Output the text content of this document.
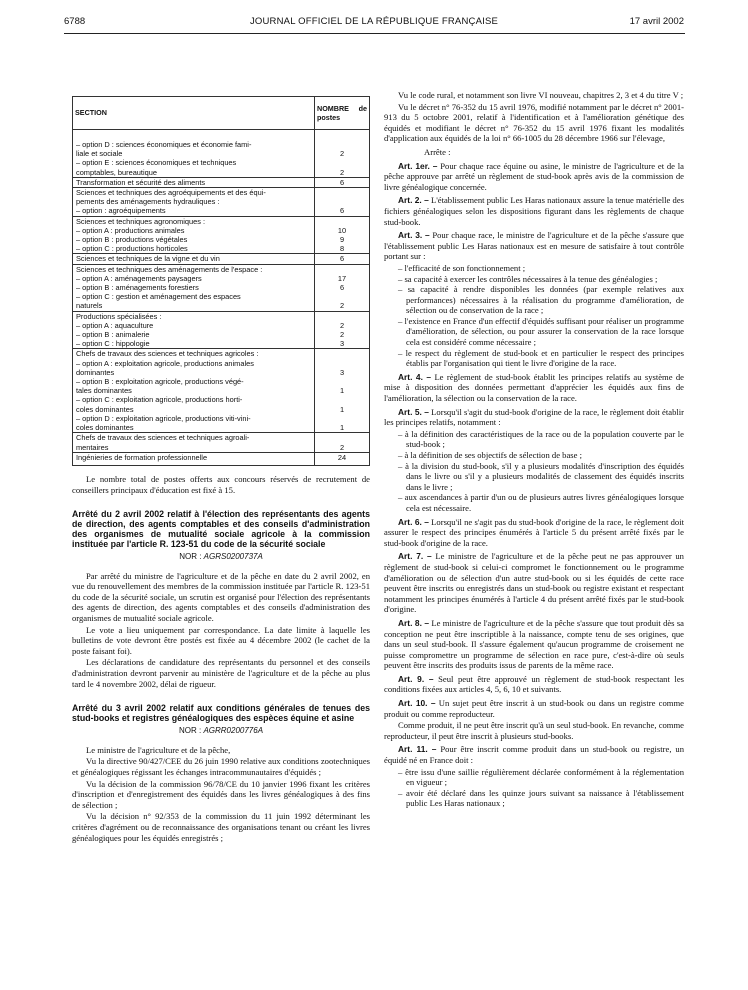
6788	JOURNAL OFFICIEL DE LA RÉPUBLIQUE FRANÇAISE	17 avril 2002
SECTION	NOMBRE de postes
– option D : sciences économiques et économie fami-	
liale et sociale	2
– option E : sciences économiques et techniques	
comptables, bureautique	2
Transformation et sécurité des aliments	6
Sciences et techniques des agroéquipements et des équi-	
pements des aménagements hydrauliques :	
– option : agroéquipements	6
Sciences et techniques agronomiques :	
– option A : productions animales	10
– option B : productions végétales	9
– option C : productions horticoles	8
Sciences et techniques de la vigne et du vin	6
Sciences et techniques des aménagements de l'espace :	
– option A : aménagements paysagers	17
– option B : aménagements forestiers	6
– option C : gestion et aménagement des espaces	
naturels	2
Productions spécialisées :	
– option A : aquaculture	2
– option B : animalerie	2
– option C : hippologie	3
Chefs de travaux des sciences et techniques agricoles :	
– option A : exploitation agricole, productions animales	
dominantes	3
– option B : exploitation agricole, productions végé-	
tales dominantes	1
– option C : exploitation agricole, productions horti-	
coles dominantes	1
– option D : exploitation agricole, productions viti-vini-	
coles dominantes	1
Chefs de travaux des sciences et techniques agroali-	
mentaires	2
Ingénieries de formation professionnelle	24

Le nombre total de postes offerts aux concours réservés de recrutement de conseillers principaux d'éducation est fixé à 15.

Arrêté du 2 avril 2002 relatif à l'élection des représentants des agents de direction, des agents comptables et des conseils d'administration des organismes de mutualité sociale agricole à la commission instituée par l'article R. 123-51 du code de la sécurité sociale
NOR : AGRS0200737A

Par arrêté du ministre de l'agriculture et de la pêche en date du 2 avril 2002, en vue du renouvellement des membres de la commission instituée par l'article R. 123-51 du code de la sécurité sociale, un scrutin est organisé pour l'élection des représentants des agents de direction, des agents comptables et des conseils d'administration des organismes de mutualité sociale agricole.

Le vote a lieu uniquement par correspondance. La date limite à laquelle les bulletins de vote devront être postés est fixée au 4 décembre 2002 (le cachet de la poste faisant foi).

Les déclarations de candidature des représentants du personnel et des conseils d'administration devront parvenir au ministère de l'agriculture et de la pêche au plus tard le 4 novembre 2002, délai de rigueur.

Arrêté du 3 avril 2002 relatif aux conditions générales de tenues des stud-books et registres généalogiques des espèces équine et asine
NOR : AGRR0200776A

Le ministre de l'agriculture et de la pêche,

Vu la directive 90/427/CEE du 26 juin 1990 relative aux conditions zootechniques et généalogiques régissant les échanges intracommunautaires d'équidés ;

Vu la décision de la commission 96/78/CE du 10 janvier 1996 fixant les critères d'inscription et d'enregistrement des équidés dans les livres généalogiques à des fins de sélection ;

Vu la décision n° 92/353 de la commission du 11 juin 1992 déterminant les critères d'agrément ou de reconnaissance des organisations tenant ou créant les livres généalogiques pour les équidés enregistrés ;

Vu le code rural, et notamment son livre VI nouveau, chapitres 2, 3 et 4 du titre V ;

Vu le décret n° 76-352 du 15 avril 1976, modifié notamment par le décret n° 2001-913 du 5 octobre 2001, relatif à l'identification et à l'amélioration génétique des équidés et modifiant le décret n° 76-352 du 15 avril 1976 fixant les modalités d'application aux équidés de la loi n° 66-1005 du 28 décembre 1966 sur l'élevage,

Arrête :

Art. 1er. – Pour chaque race équine ou asine, le ministre de l'agriculture et de la pêche approuve par arrêté un règlement de stud-book après avis de la commission de livre généalogique concernée.

Art. 2. – L'établissement public Les Haras nationaux assure la tenue matérielle des fichiers généalogiques selon les dispositions figurant dans les règlements de chaque stud-book.

Art. 3. – Pour chaque race, le ministre de l'agriculture et de la pêche s'assure que l'établissement public Les Haras nationaux est en mesure de satisfaire à tout contrôle portant sur :

– l'efficacité de son fonctionnement ;
– sa capacité à exercer les contrôles nécessaires à la tenue des généalogies ;
– sa capacité à rendre disponibles les données (par exemple relatives aux performances) nécessaires à la réalisation du programme d'amélioration, de sélection ou de conservation de la race ;
– l'existence en France d'un effectif d'équidés suffisant pour réaliser un programme d'amélioration, de sélection, ou pour assurer la conservation de la race lorsque cela est considéré comme nécessaire ;
– le respect du règlement de stud-book et en particulier le respect des principes établis par l'organisation qui tient le livre d'origine de la race.

Art. 4. – Le règlement de stud-book établit les principes relatifs au système de mise à disposition des données permettant d'apprécier les équidés aux fins de l'amélioration, la sélection ou la conservation de la race.

Art. 5. – Lorsqu'il s'agit du stud-book d'origine de la race, le règlement doit établir les principes relatifs, notamment :

– à la définition des caractéristiques de la race ou de la population couverte par le stud-book ;
– à la définition de ses objectifs de sélection de base ;
– à la division du stud-book, s'il y a plusieurs modalités d'inscription des équidés dans le livre ou s'il y a plusieurs modalités de classement des équidés inscrits dans le livre ;
– aux ascendances à partir d'un ou de plusieurs autres livres généalogiques lorsque cela est nécessaire.

Art. 6. – Lorsqu'il ne s'agit pas du stud-book d'origine de la race, le règlement doit assurer le respect des principes énumérés à l'article 5 du présent arrêté fixés par le stud-book d'origine de la race.

Art. 7. – Le ministre de l'agriculture et de la pêche peut ne pas approuver un règlement de stud-book si celui-ci compromet le fonctionnement ou le programme d'amélioration ou de sélection d'un autre stud-book ou si les équidés de cette race peuvent être inscrits ou enregistrés dans un stud-book ou registre existant et respectant notamment les principes énumérés à l'article 4 du présent arrêté fixés par le stud-book d'origine.

Art. 8. – Le ministre de l'agriculture et de la pêche s'assure que tout produit dès sa conception ne peut être inscriptible à la naissance, compte tenu de ses origines, que dans un seul stud-book. Il s'assure également qu'aucun programme de croisement ne puisse compromettre un programme de sélection en race pure, c'est-à-dire où seuls peuvent être inscrits des produits issus de parents de la même race.

Art. 9. – Seul peut être approuvé un règlement de stud-book respectant les conditions fixées aux articles 4, 5, 6, 10 et suivants.

Art. 10. – Un sujet peut être inscrit à un stud-book ou dans un registre comme produit ou comme reproducteur.

Comme produit, il ne peut être inscrit qu'à un seul stud-book. En revanche, comme reproducteur, il peut être inscrit à plusieurs stud-books.

Art. 11. – Pour être inscrit comme produit dans un stud-book ou registre, un équidé né en France doit :

– être issu d'une saillie régulièrement déclarée conformément à la réglementation en vigueur ;
– avoir été déclaré dans les quinze jours suivant sa naissance à l'établissement public Les Haras nationaux ;
